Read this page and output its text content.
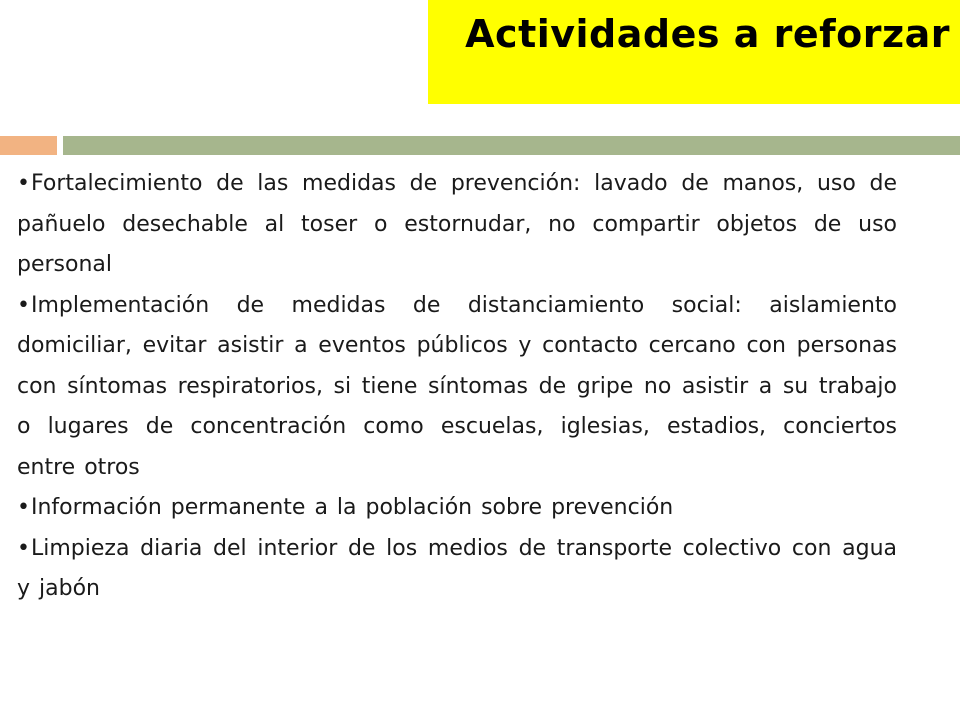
Actividades a reforzar

•Fortalecimiento de las medidas de prevención: lavado de manos, uso de pañuelo desechable al toser o estornudar, no compartir objetos de uso personal

•Implementación de medidas de distanciamiento social: aislamiento domiciliar, evitar asistir a eventos públicos y contacto cercano con personas con síntomas respiratorios, si tiene síntomas de gripe no asistir a su trabajo o lugares de concentración como escuelas, iglesias, estadios, conciertos entre otros

•Información permanente a la población sobre prevención

•Limpieza diaria del interior de los medios de transporte colectivo con agua y jabón
